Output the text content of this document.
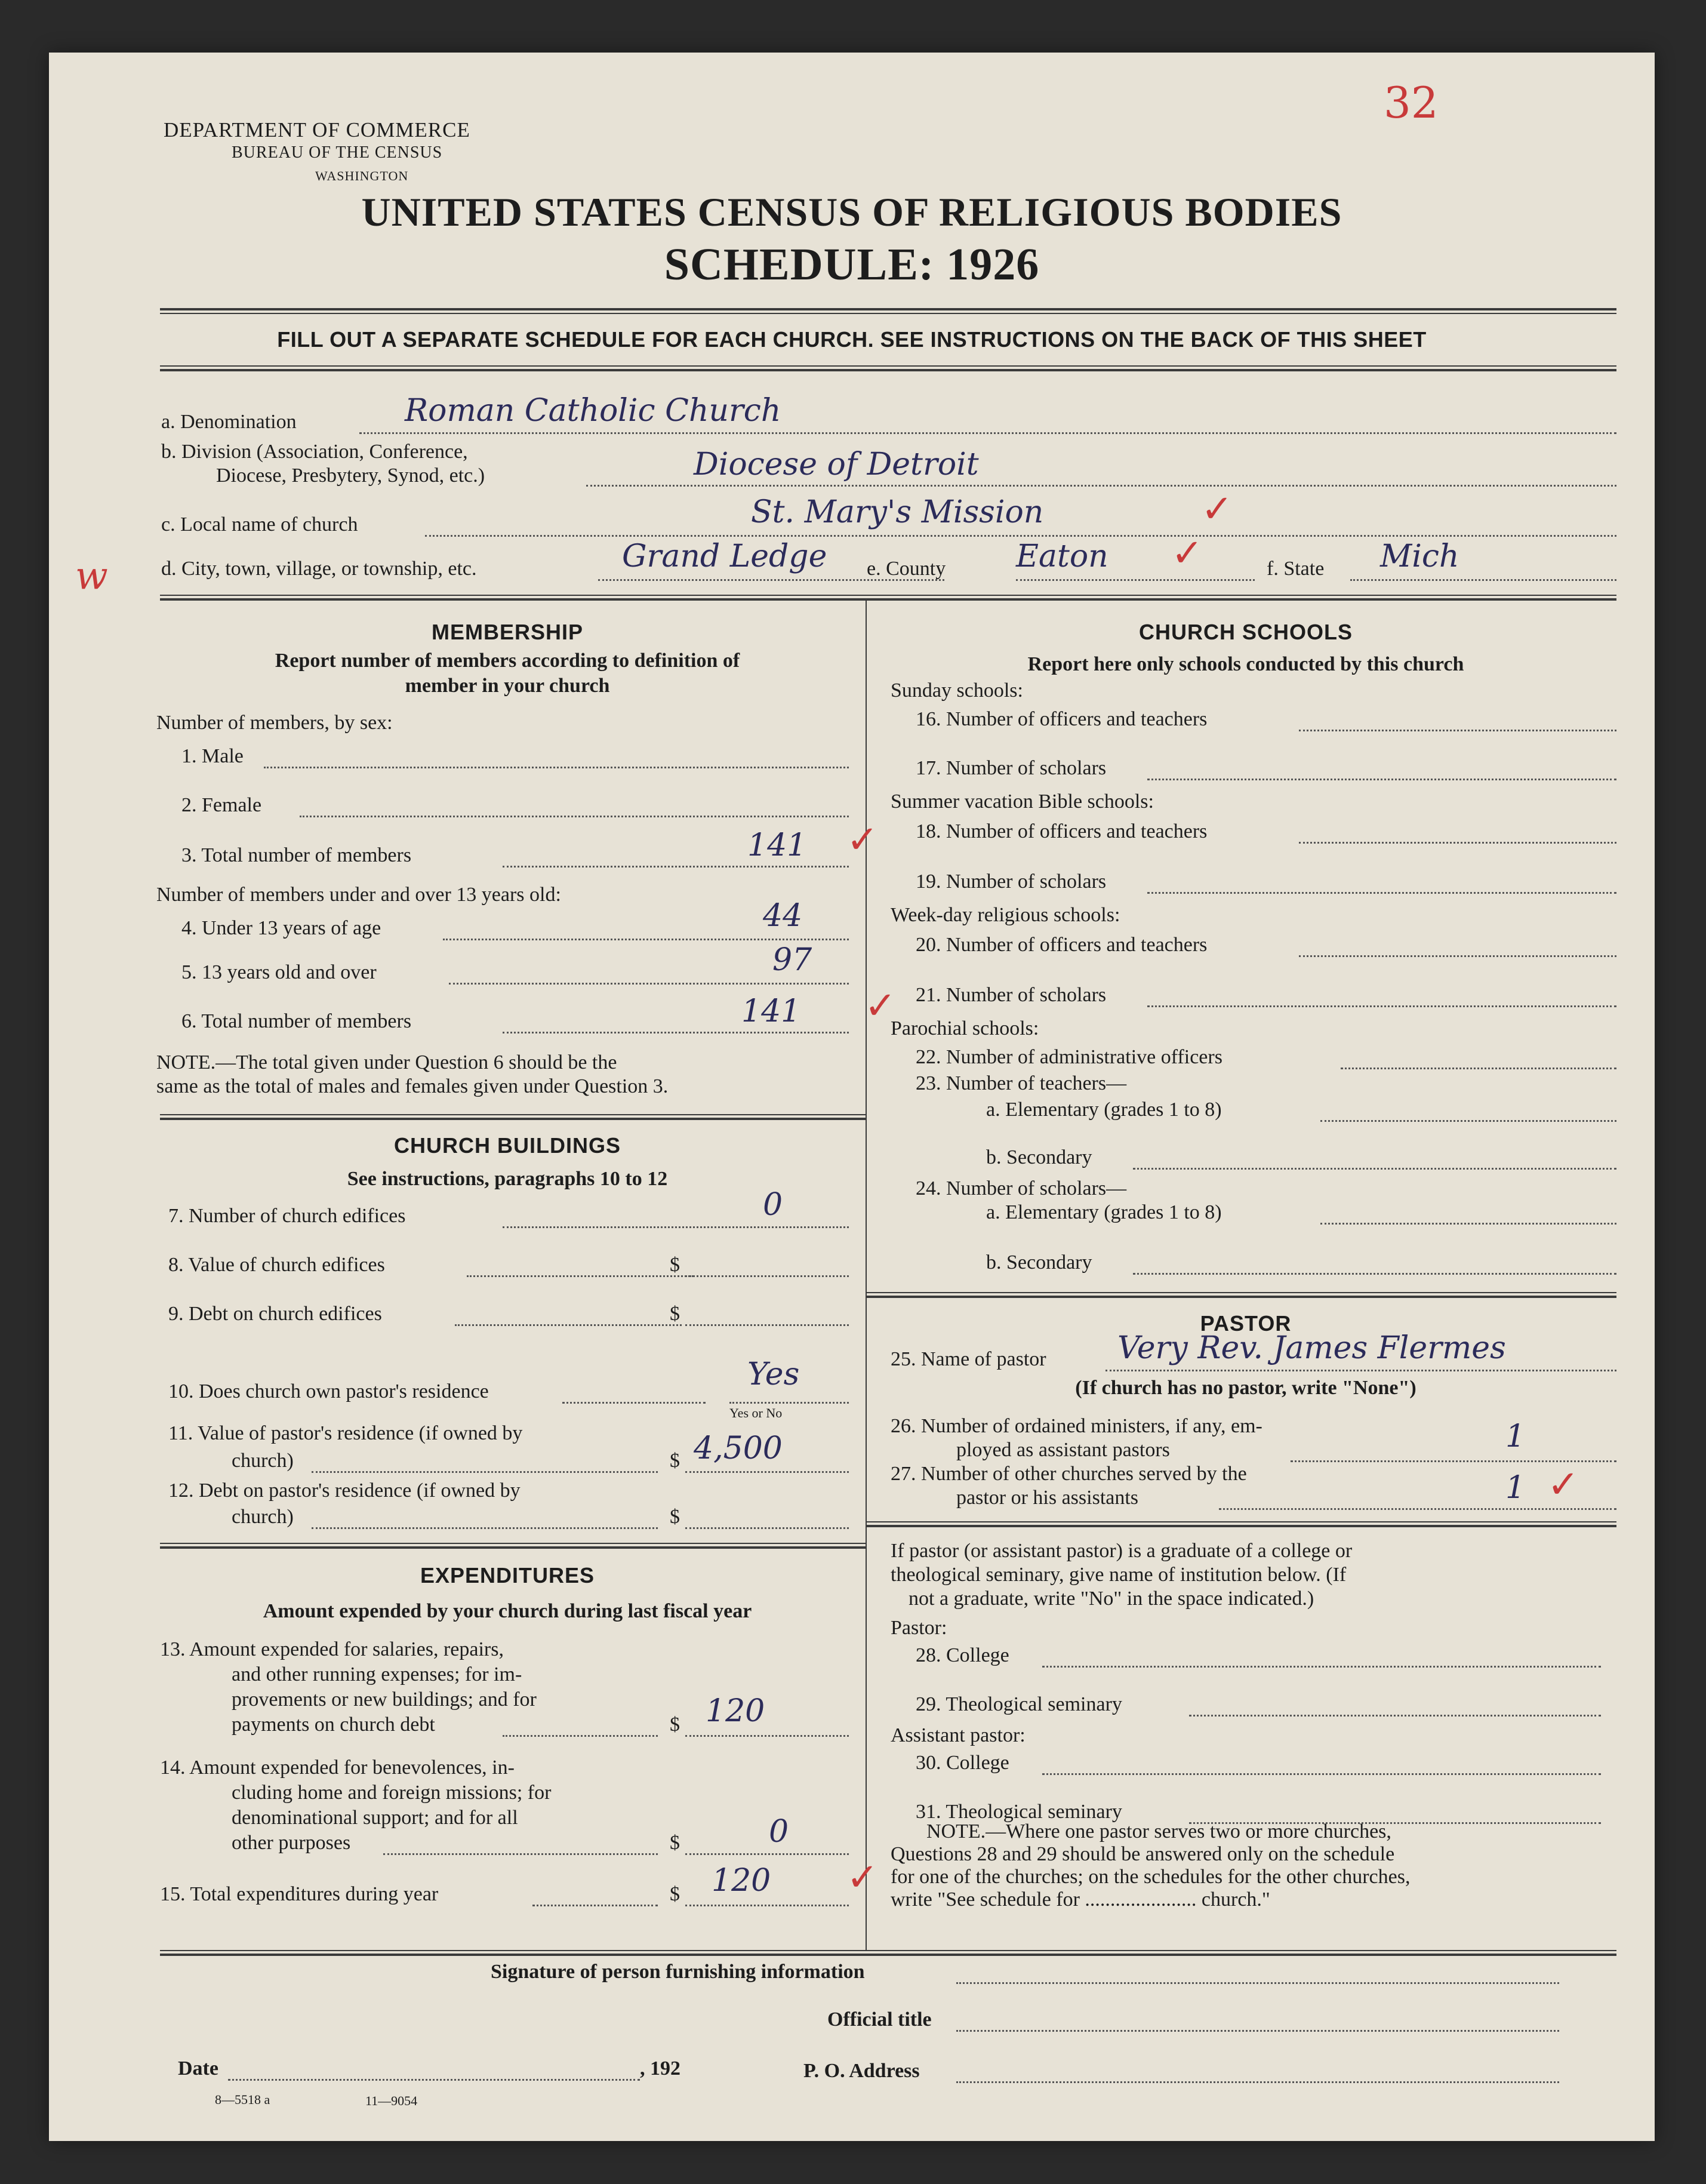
DEPARTMENT OF COMMERCE
BUREAU OF THE CENSUS
WASHINGTON
32
UNITED STATES CENSUS OF RELIGIOUS BODIES
SCHEDULE: 1926
FILL OUT A SEPARATE SCHEDULE FOR EACH CHURCH. SEE INSTRUCTIONS ON THE BACK OF THIS SHEET
a. Denomination	Roman Catholic Church
b. Division (Association, Conference,
Diocese, Presbytery, Synod, etc.)	Diocese of Detroit
c. Local name of church	St. Mary's Mission	✓
w	d. City, town, village, or township, etc.	Grand Ledge e. County Eaton ✓	f. State Mich
MEMBERSHIP
Report number of members according to definition of
member in your church
Number of members, by sex:
1. Male
2. Female
3. Total number of members	141 ✓
Number of members under and over 13 years old:
4. Under 13 years of age	44
5. 13 years old and over	97
6. Total number of members	141 ✓
NOTE.—The total given under Question 6 should be the
same as the total of males and females given under Question 3.
CHURCH BUILDINGS
See instructions, paragraphs 10 to 12
7. Number of church edifices	0
8. Value of church edifices	$
9. Debt on church edifices	$
10. Does church own pastor's residence	Yes
Yes or No
11. Value of pastor's residence (if owned by
church)	$ 4,500
12. Debt on pastor's residence (if owned by
church)	$
EXPENDITURES
Amount expended by your church during last fiscal year
13. Amount expended for salaries, repairs,
and other running expenses; for im-
provements or new buildings; and for
payments on church debt	$ 120
14. Amount expended for benevolences, in-
cluding home and foreign missions; for
denominational support; and for all
other purposes	$	0
15. Total expenditures during year	$ 120 ✓
CHURCH SCHOOLS
Report here only schools conducted by this church
Sunday schools:
16. Number of officers and teachers
17. Number of scholars
Summer vacation Bible schools:
18. Number of officers and teachers
19. Number of scholars
Week-day religious schools:
20. Number of officers and teachers
21. Number of scholars
Parochial schools:
22. Number of administrative officers
23. Number of teachers—
a. Elementary (grades 1 to 8)
b. Secondary
24. Number of scholars—
a. Elementary (grades 1 to 8)
b. Secondary
PASTOR
25. Name of pastor Very Rev. James Flermes
(If church has no pastor, write "None")
26. Number of ordained ministers, if any, em-
ployed as assistant pastors	1
27. Number of other churches served by the
pastor or his assistants	1 ✓
If pastor (or assistant pastor) is a graduate of a college or
theological seminary, give name of institution below. (If
not a graduate, write "No" in the space indicated.)
Pastor:
28. College
29. Theological seminary
Assistant pastor:
30. College
31. Theological seminary
NOTE.—Where one pastor serves two or more churches,
Questions 28 and 29 should be answered only on the schedule
for one of the churches; on the schedules for the other churches,
write "See schedule for ...................... church."
Signature of person furnishing information
Official title
Date	, 192	P. O. Address
8—5518 a	11—9054
